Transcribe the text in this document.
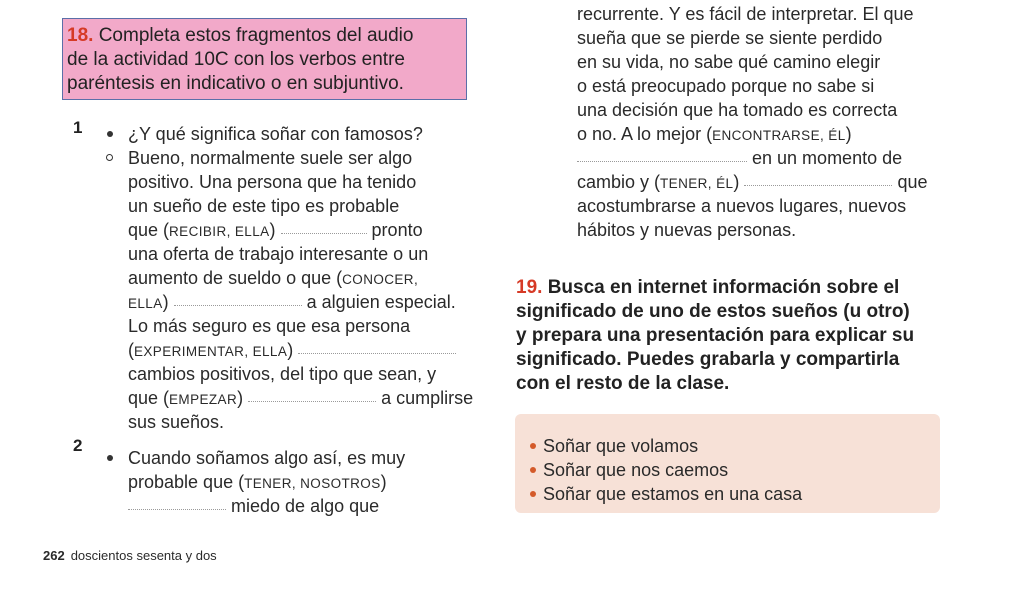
18. Completa estos fragmentos del audio
de la actividad 10C con los verbos entre
paréntesis en indicativo o en subjuntivo.
1	¿Y qué significa soñar con famosos?
Bueno, normalmente suele ser algo
positivo. Una persona que ha tenido
un sueño de este tipo es probable
que (RECIBIR, ELLA)	pronto
una oferta de trabajo interesante o un
aumento de sueldo o que (CONOCER,
ELLA)	a alguien especial.
Lo más seguro es que esa persona
(EXPERIMENTAR, ELLA)
cambios positivos, del tipo que sean, y
que (EMPEZAR)	a cumplirse
sus sueños.
2
Cuando soñamos algo así, es muy
probable que (TENER, NOSOTROS)
miedo de algo que
recurrente. Y es fácil de interpretar. El que
sueña que se pierde se siente perdido
en su vida, no sabe qué camino elegir
o está preocupado porque no sabe si
una decisión que ha tomado es correcta
o no. A lo mejor (ENCONTRARSE, ÉL)
en un momento de
cambio y (TENER, ÉL)	que
acostumbrarse a nuevos lugares, nuevos
hábitos y nuevas personas.
19. Busca en internet información sobre el
significado de uno de estos sueños (u otro)
y prepara una presentación para explicar su
significado. Puedes grabarla y compartirla
con el resto de la clase.
Soñar que volamos
Soñar que nos caemos
Soñar que estamos en una casa
262 doscientos sesenta y dos
